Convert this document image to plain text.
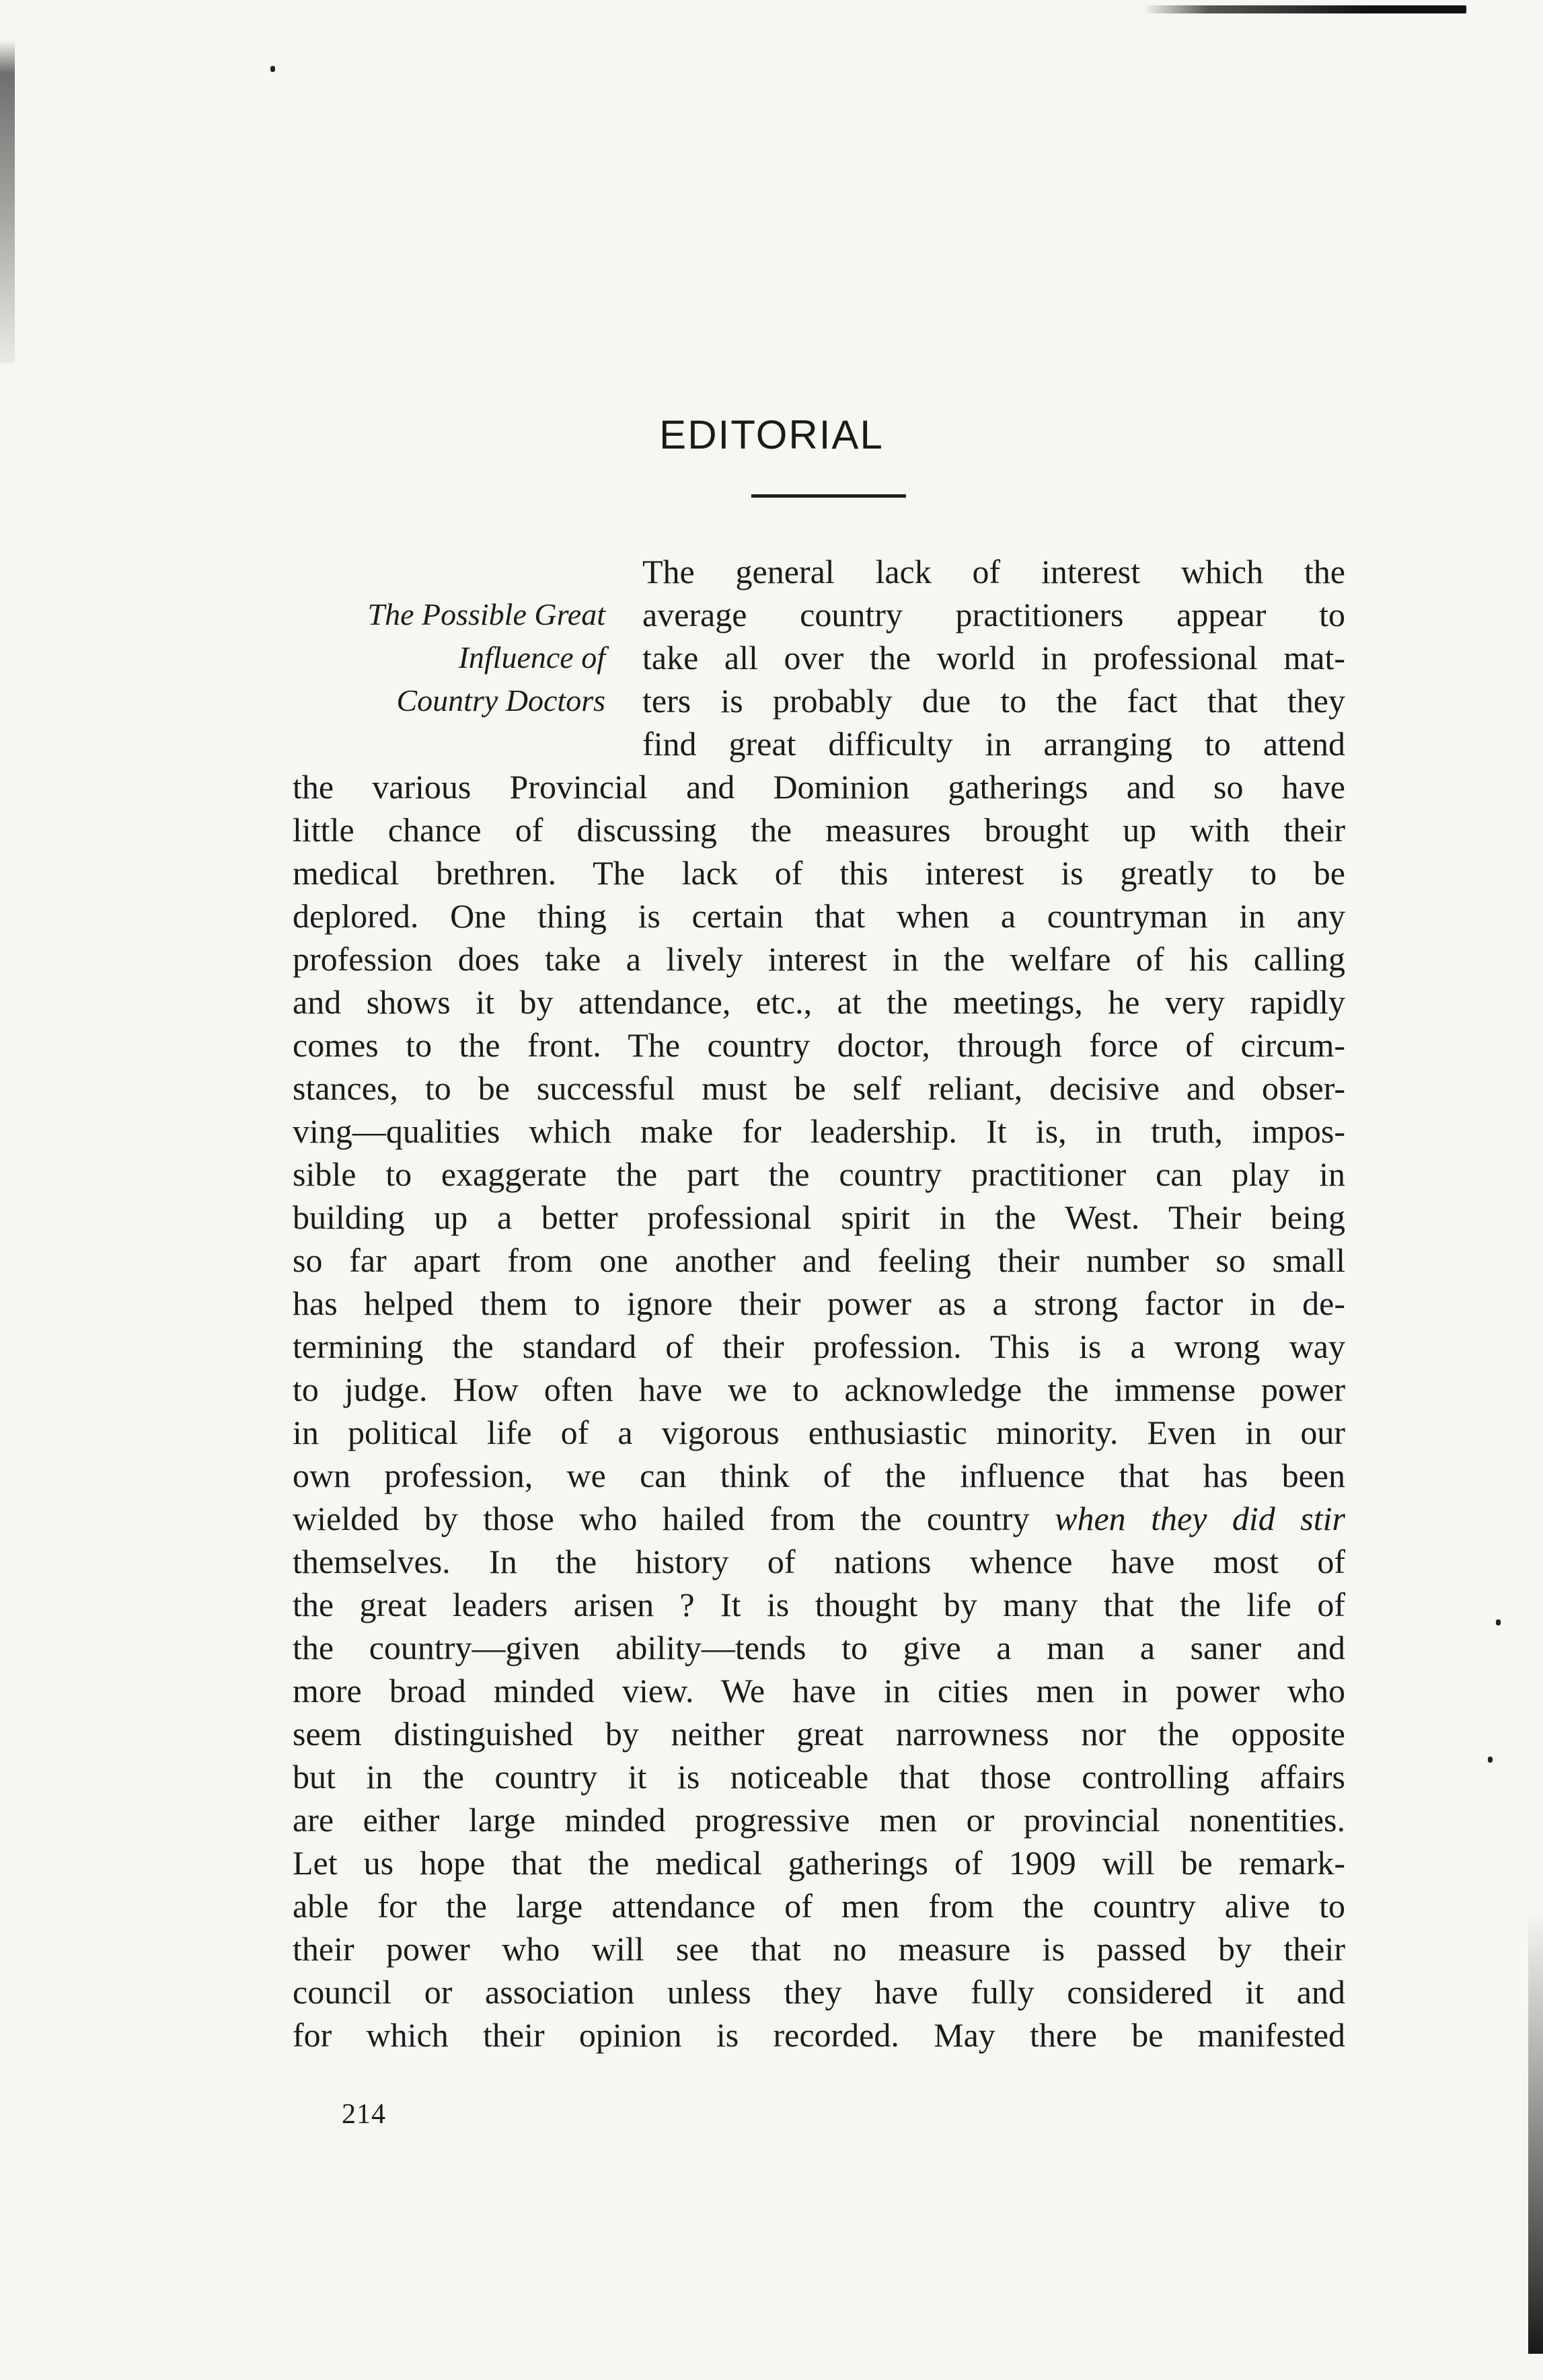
EDITORIAL
The Possible Great
Influence of
Country Doctors
The general lack of interest which the
average country practitioners appear to
take all over the world in professional mat-
ters is probably due to the fact that they
find great difficulty in arranging to attend
the various Provincial and Dominion gatherings and so have
little chance of discussing the measures brought up with their
medical brethren. The lack of this interest is greatly to be
deplored. One thing is certain that when a countryman in any
profession does take a lively interest in the welfare of his calling
and shows it by attendance, etc., at the meetings, he very rapidly
comes to the front. The country doctor, through force of circum-
stances, to be successful must be self reliant, decisive and obser-
ving—qualities which make for leadership. It is, in truth, impos-
sible to exaggerate the part the country practitioner can play in
building up a better professional spirit in the West. Their being
so far apart from one another and feeling their number so small
has helped them to ignore their power as a strong factor in de-
termining the standard of their profession. This is a wrong way
to judge. How often have we to acknowledge the immense power
in political life of a vigorous enthusiastic minority. Even in our
own profession, we can think of the influence that has been
wielded by those who hailed from the country when they did stir
themselves. In the history of nations whence have most of
the great leaders arisen ? It is thought by many that the life of
the country—given ability—tends to give a man a saner and
more broad minded view. We have in cities men in power who
seem distinguished by neither great narrowness nor the opposite
but in the country it is noticeable that those controlling affairs
are either large minded progressive men or provincial nonentities.
Let us hope that the medical gatherings of 1909 will be remark-
able for the large attendance of men from the country alive to
their power who will see that no measure is passed by their
council or association unless they have fully considered it and
for which their opinion is recorded. May there be manifested
214
